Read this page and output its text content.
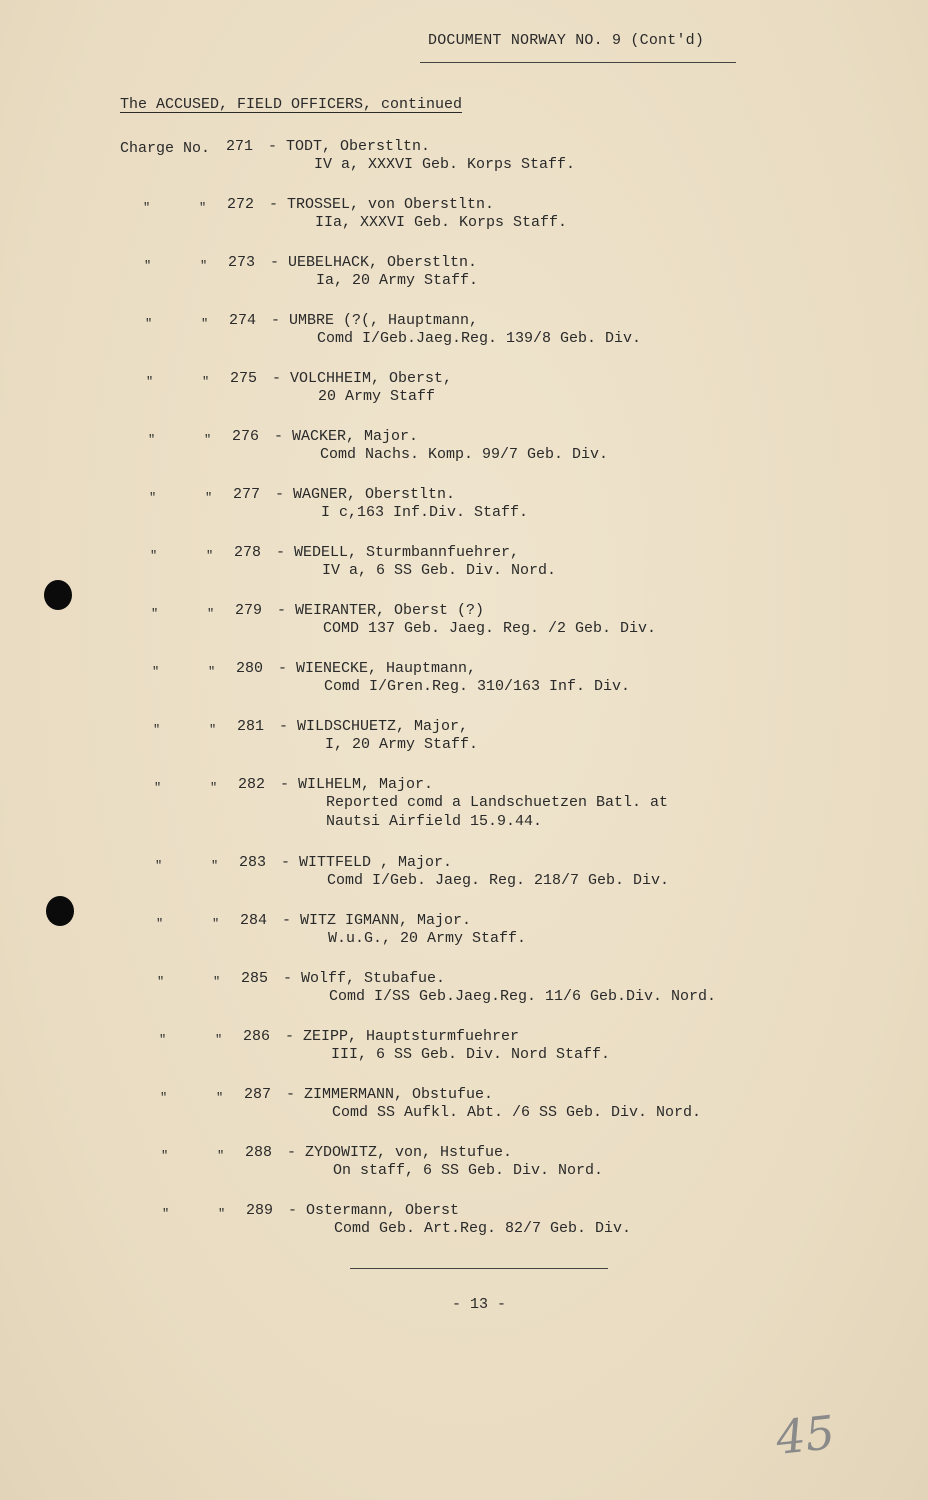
DOCUMENT NORWAY NO. 9 (Cont'd)
The ACCUSED, FIELD OFFICERS, continued
Charge No. 271 - TODT, Oberstltn.
IV a, XXXVI Geb. Korps Staff.
"	" 272 - TROSSEL, von Oberstltn.
IIa, XXXVI Geb. Korps Staff.
"	" 273 - UEBELHACK, Oberstltn.
Ia, 20 Army Staff.
"	" 274 - UMBRE (?(, Hauptmann,
Comd I/Geb.Jaeg.Reg. 139/8 Geb. Div.
"	" 275 - VOLCHHEIM, Oberst,
20 Army Staff
"	" 276 - WACKER, Major.
Comd Nachs. Komp. 99/7 Geb. Div.
"	" 277 - WAGNER, Oberstltn.
I c,163 Inf.Div. Staff.
"	" 278 - WEDELL, Sturmbannfuehrer,
IV a, 6 SS Geb. Div. Nord.
"	" 279 - WEIRANTER, Oberst (?)
COMD 137 Geb. Jaeg. Reg. /2 Geb. Div.
"	" 280 - WIENECKE, Hauptmann,
Comd I/Gren.Reg. 310/163 Inf. Div.
"	" 281 - WILDSCHUETZ, Major,
I, 20 Army Staff.
"	" 282 - WILHELM, Major.
Reported comd a Landschuetzen Batl. at
Nautsi Airfield 15.9.44.
"	" 283 - WITTFELD , Major.
Comd I/Geb. Jaeg. Reg. 218/7 Geb. Div.
"	" 284 - WITZ IGMANN, Major.
W.u.G., 20 Army Staff.
"	" 285 - Wolff, Stubafue.
Comd I/SS Geb.Jaeg.Reg. 11/6 Geb.Div. Nord.
"	" 286 - ZEIPP, Hauptsturmfuehrer
III, 6 SS Geb. Div. Nord Staff.
"	" 287 - ZIMMERMANN, Obstufue.
Comd SS Aufkl. Abt. /6 SS Geb. Div. Nord.
"	" 288 - ZYDOWITZ, von, Hstufue.
On staff, 6 SS Geb. Div. Nord.
"	" 289 - Ostermann, Oberst
Comd Geb. Art.Reg. 82/7 Geb. Div.
- 13 -
45
